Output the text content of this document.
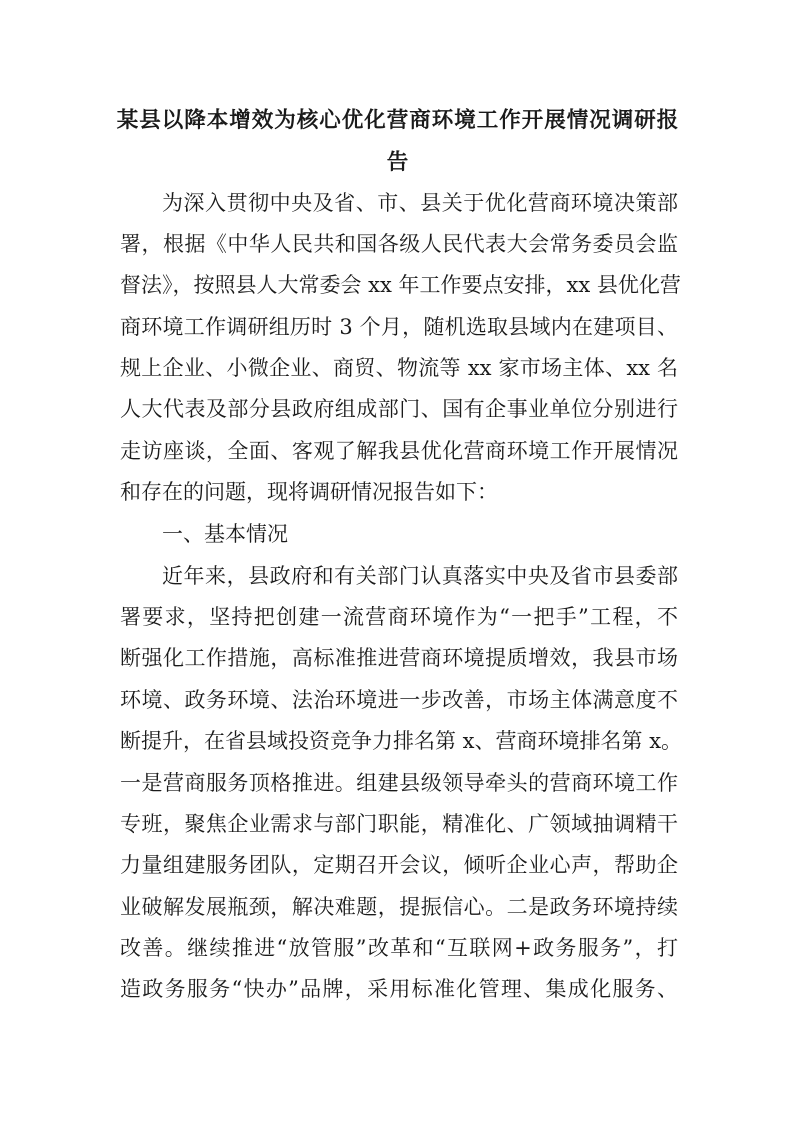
某县以降本增效为核心优化营商环境工作开展情况调研报
告
为深入贯彻中央及省、市、县关于优化营商环境决策部
署，根据《中华人民共和国各级人民代表大会常务委员会监
督法》，按照县人大常委会 xx 年工作要点安排，xx 县优化营
商环境工作调研组历时 3 个月，随机选取县域内在建项目、
规上企业、小微企业、商贸、物流等 xx 家市场主体、xx 名
人大代表及部分县政府组成部门、国有企事业单位分别进行
走访座谈，全面、客观了解我县优化营商环境工作开展情况
和存在的问题，现将调研情况报告如下：
一、基本情况
近年来，县政府和有关部门认真落实中央及省市县委部
署要求，坚持把创建一流营商环境作为“一把手”工程，不
断强化工作措施，高标准推进营商环境提质增效，我县市场
环境、政务环境、法治环境进一步改善，市场主体满意度不
断提升，在省县域投资竞争力排名第 x、营商环境排名第 x。
一是营商服务顶格推进。组建县级领导牵头的营商环境工作
专班，聚焦企业需求与部门职能，精准化、广领域抽调精干
力量组建服务团队，定期召开会议，倾听企业心声，帮助企
业破解发展瓶颈，解决难题，提振信心。二是政务环境持续
改善。继续推进“放管服”改革和“互联网+政务服务”，打
造政务服务“快办”品牌，采用标准化管理、集成化服务、
